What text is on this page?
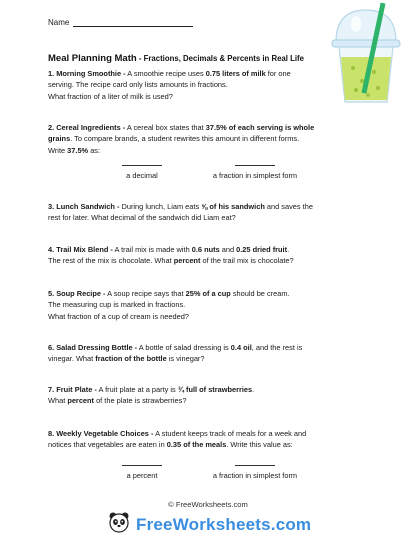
Name
Meal Planning Math - Fractions, Decimals & Percents in Real Life
1. Morning Smoothie - A smoothie recipe uses 0.75 liters of milk for one
serving. The recipe card only lists amounts in fractions.
What fraction of a liter of milk is used?
2. Cereal Ingredients - A cereal box states that 37.5% of each serving is whole
grains. To compare brands, a student rewrites this amount in different forms.
Write 37.5% as:
a decimal	a fraction in simplest form
3. Lunch Sandwich - During lunch, Liam eats ⅝ of his sandwich and saves the
rest for later. What decimal of the sandwich did Liam eat?
4. Trail Mix Blend - A trail mix is made with 0.6 nuts and 0.25 dried fruit.
The rest of the mix is chocolate. What percent of the trail mix is chocolate?
5. Soup Recipe - A soup recipe says that 25% of a cup should be cream.
The measuring cup is marked in fractions.
What fraction of a cup of cream is needed?
6. Salad Dressing Bottle - A bottle of salad dressing is 0.4 oil, and the rest is
vinegar. What fraction of the bottle is vinegar?
7. Fruit Plate - A fruit plate at a party is ¾ full of strawberries.
What percent of the plate is strawberries?
8. Weekly Vegetable Choices - A student keeps track of meals for a week and
notices that vegetables are eaten in 0.35 of the meals. Write this value as:
a percent	a fraction in simplest form
© FreeWorksheets.com
FreeWorksheets.com
